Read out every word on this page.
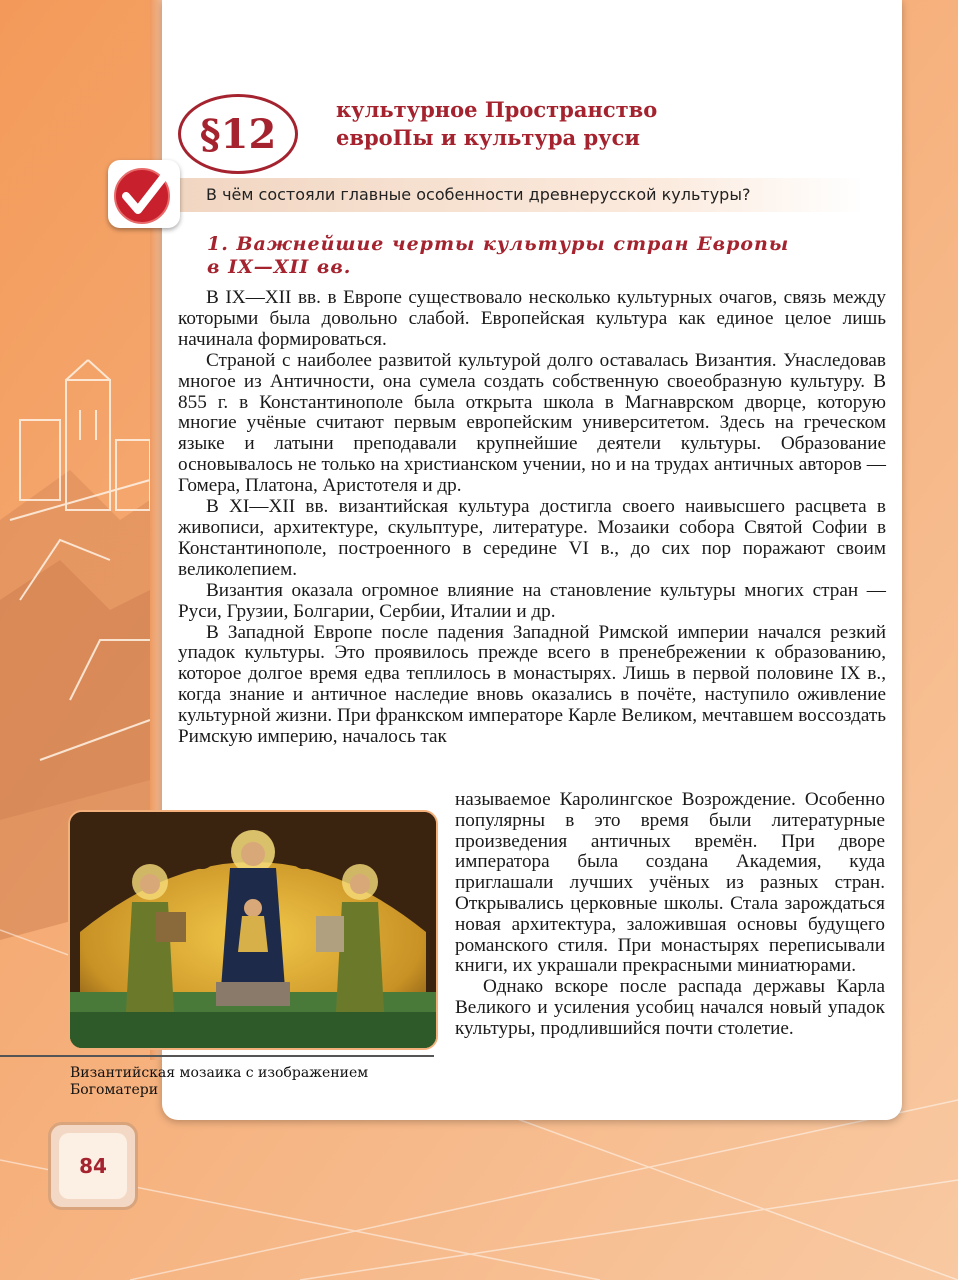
§12
культурное Пространство
евроПы и культура руси
В чём состояли главные особенности древнерусской культуры?
1. Важнейшие черты культуры стран Европы
в IX—XII вв.

В IX—XII вв. в Европе существовало несколько культурных очагов, связь между которыми была довольно слабой. Европейская культура как единое целое лишь начинала формироваться.

Страной с наиболее развитой культурой долго оставалась Византия. Унаследовав многое из Античности, она сумела создать собственную своеобразную культуру. В 855 г. в Константинополе была открыта школа в Магнаврском дворце, которую многие учёные считают первым европейским университетом. Здесь на греческом языке и латыни преподавали крупнейшие деятели культуры. Образование основывалось не только на христианском учении, но и на трудах античных авторов — Гомера, Платона, Аристотеля и др.

В XI—XII вв. византийская культура достигла своего наивысшего расцвета в живописи, архитектуре, скульптуре, литературе. Мозаики собора Святой Софии в Константинополе, построенного в середине VI в., до сих пор поражают своим великолепием.

Византия оказала огромное влияние на становление культуры многих стран — Руси, Грузии, Болгарии, Сербии, Италии и др.

В Западной Европе после падения Западной Римской империи начался резкий упадок культуры. Это проявилось прежде всего в пренебрежении к образованию, которое долгое время едва теплилось в монастырях. Лишь в первой половине IX в., когда знание и античное наследие вновь оказались в почёте, наступило оживление культурной жизни. При франкском императоре Карле Великом, мечтавшем воссоздать Римскую империю, началось так

называемое Каролингское Возрождение. Особенно популярны в это время были литературные произведения античных времён. При дворе императора была создана Академия, куда приглашали лучших учёных из разных стран. Открывались церковные школы. Стала зарождаться новая архитектура, заложившая основы будущего романского стиля. При монастырях переписывали книги, их украшали прекрасными миниатюрами.

Однако вскоре после распада державы Карла Великого и усиления усобиц начался новый упадок культуры, продлившийся почти столетие.

MP	ΘY
Византийская мозаика с изображением Богоматери
84
